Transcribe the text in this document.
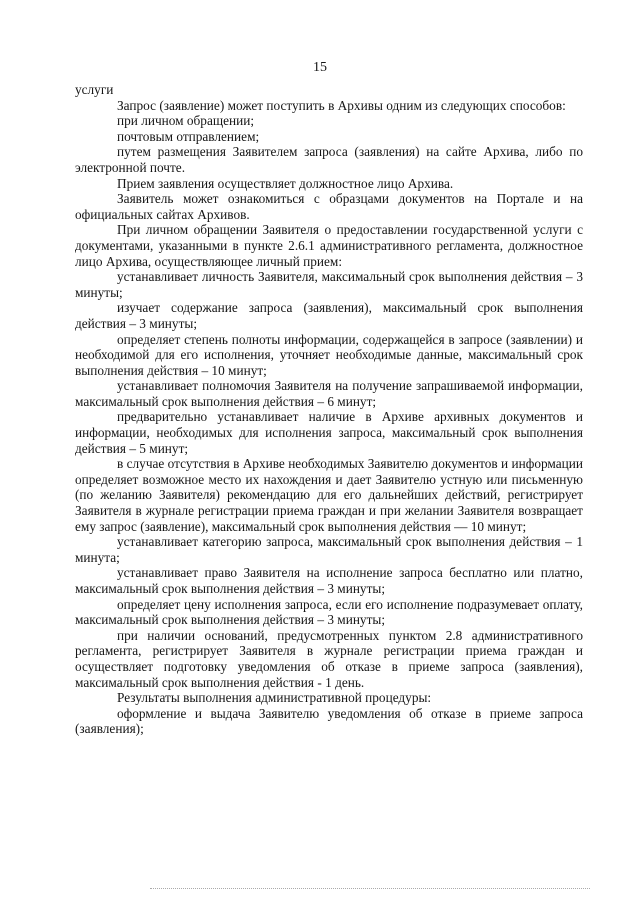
15

услуги

Запрос (заявление) может поступить в Архивы одним из следующих способов:

при личном обращении;

почтовым отправлением;

путем размещения Заявителем запроса (заявления) на сайте Архива, либо по электронной почте.

Прием заявления осуществляет должностное лицо Архива.

Заявитель может ознакомиться с образцами документов на Портале и на официальных сайтах Архивов.

При личном обращении Заявителя о предоставлении государственной услуги с документами, указанными в пункте 2.6.1 административного регламента, должностное лицо Архива, осуществляющее личный прием:

устанавливает личность Заявителя, максимальный срок выполнения действия – 3 минуты;

изучает содержание запроса (заявления), максимальный срок выполнения действия – 3 минуты;

определяет степень полноты информации, содержащейся в запросе (заявлении) и необходимой для его исполнения, уточняет необходимые данные, максимальный срок выполнения действия – 10 минут;

устанавливает полномочия Заявителя на получение запрашиваемой информации, максимальный срок выполнения действия – 6 минут;

предварительно устанавливает наличие в Архиве архивных документов и информации, необходимых для исполнения запроса, максимальный срок выполнения действия – 5 минут;

в случае отсутствия в Архиве необходимых Заявителю документов и информации определяет возможное место их нахождения и дает Заявителю устную или письменную (по желанию Заявителя) рекомендацию для его дальнейших действий, регистрирует Заявителя в журнале регистрации приема граждан и при желании Заявителя возвращает ему запрос (заявление), максимальный срок выполнения действия — 10 минут;

устанавливает категорию запроса, максимальный срок выполнения действия – 1 минута;

устанавливает право Заявителя на исполнение запроса бесплатно или платно, максимальный срок выполнения действия – 3 минуты;

определяет цену исполнения запроса, если его исполнение подразумевает оплату, максимальный срок выполнения действия – 3 минуты;

при наличии оснований, предусмотренных пунктом 2.8 административного регламента, регистрирует Заявителя в журнале регистрации приема граждан и осуществляет подготовку уведомления об отказе в приеме запроса (заявления), максимальный срок выполнения действия - 1 день.

Результаты выполнения административной процедуры:

оформление и выдача Заявителю уведомления об отказе в приеме запроса (заявления);
